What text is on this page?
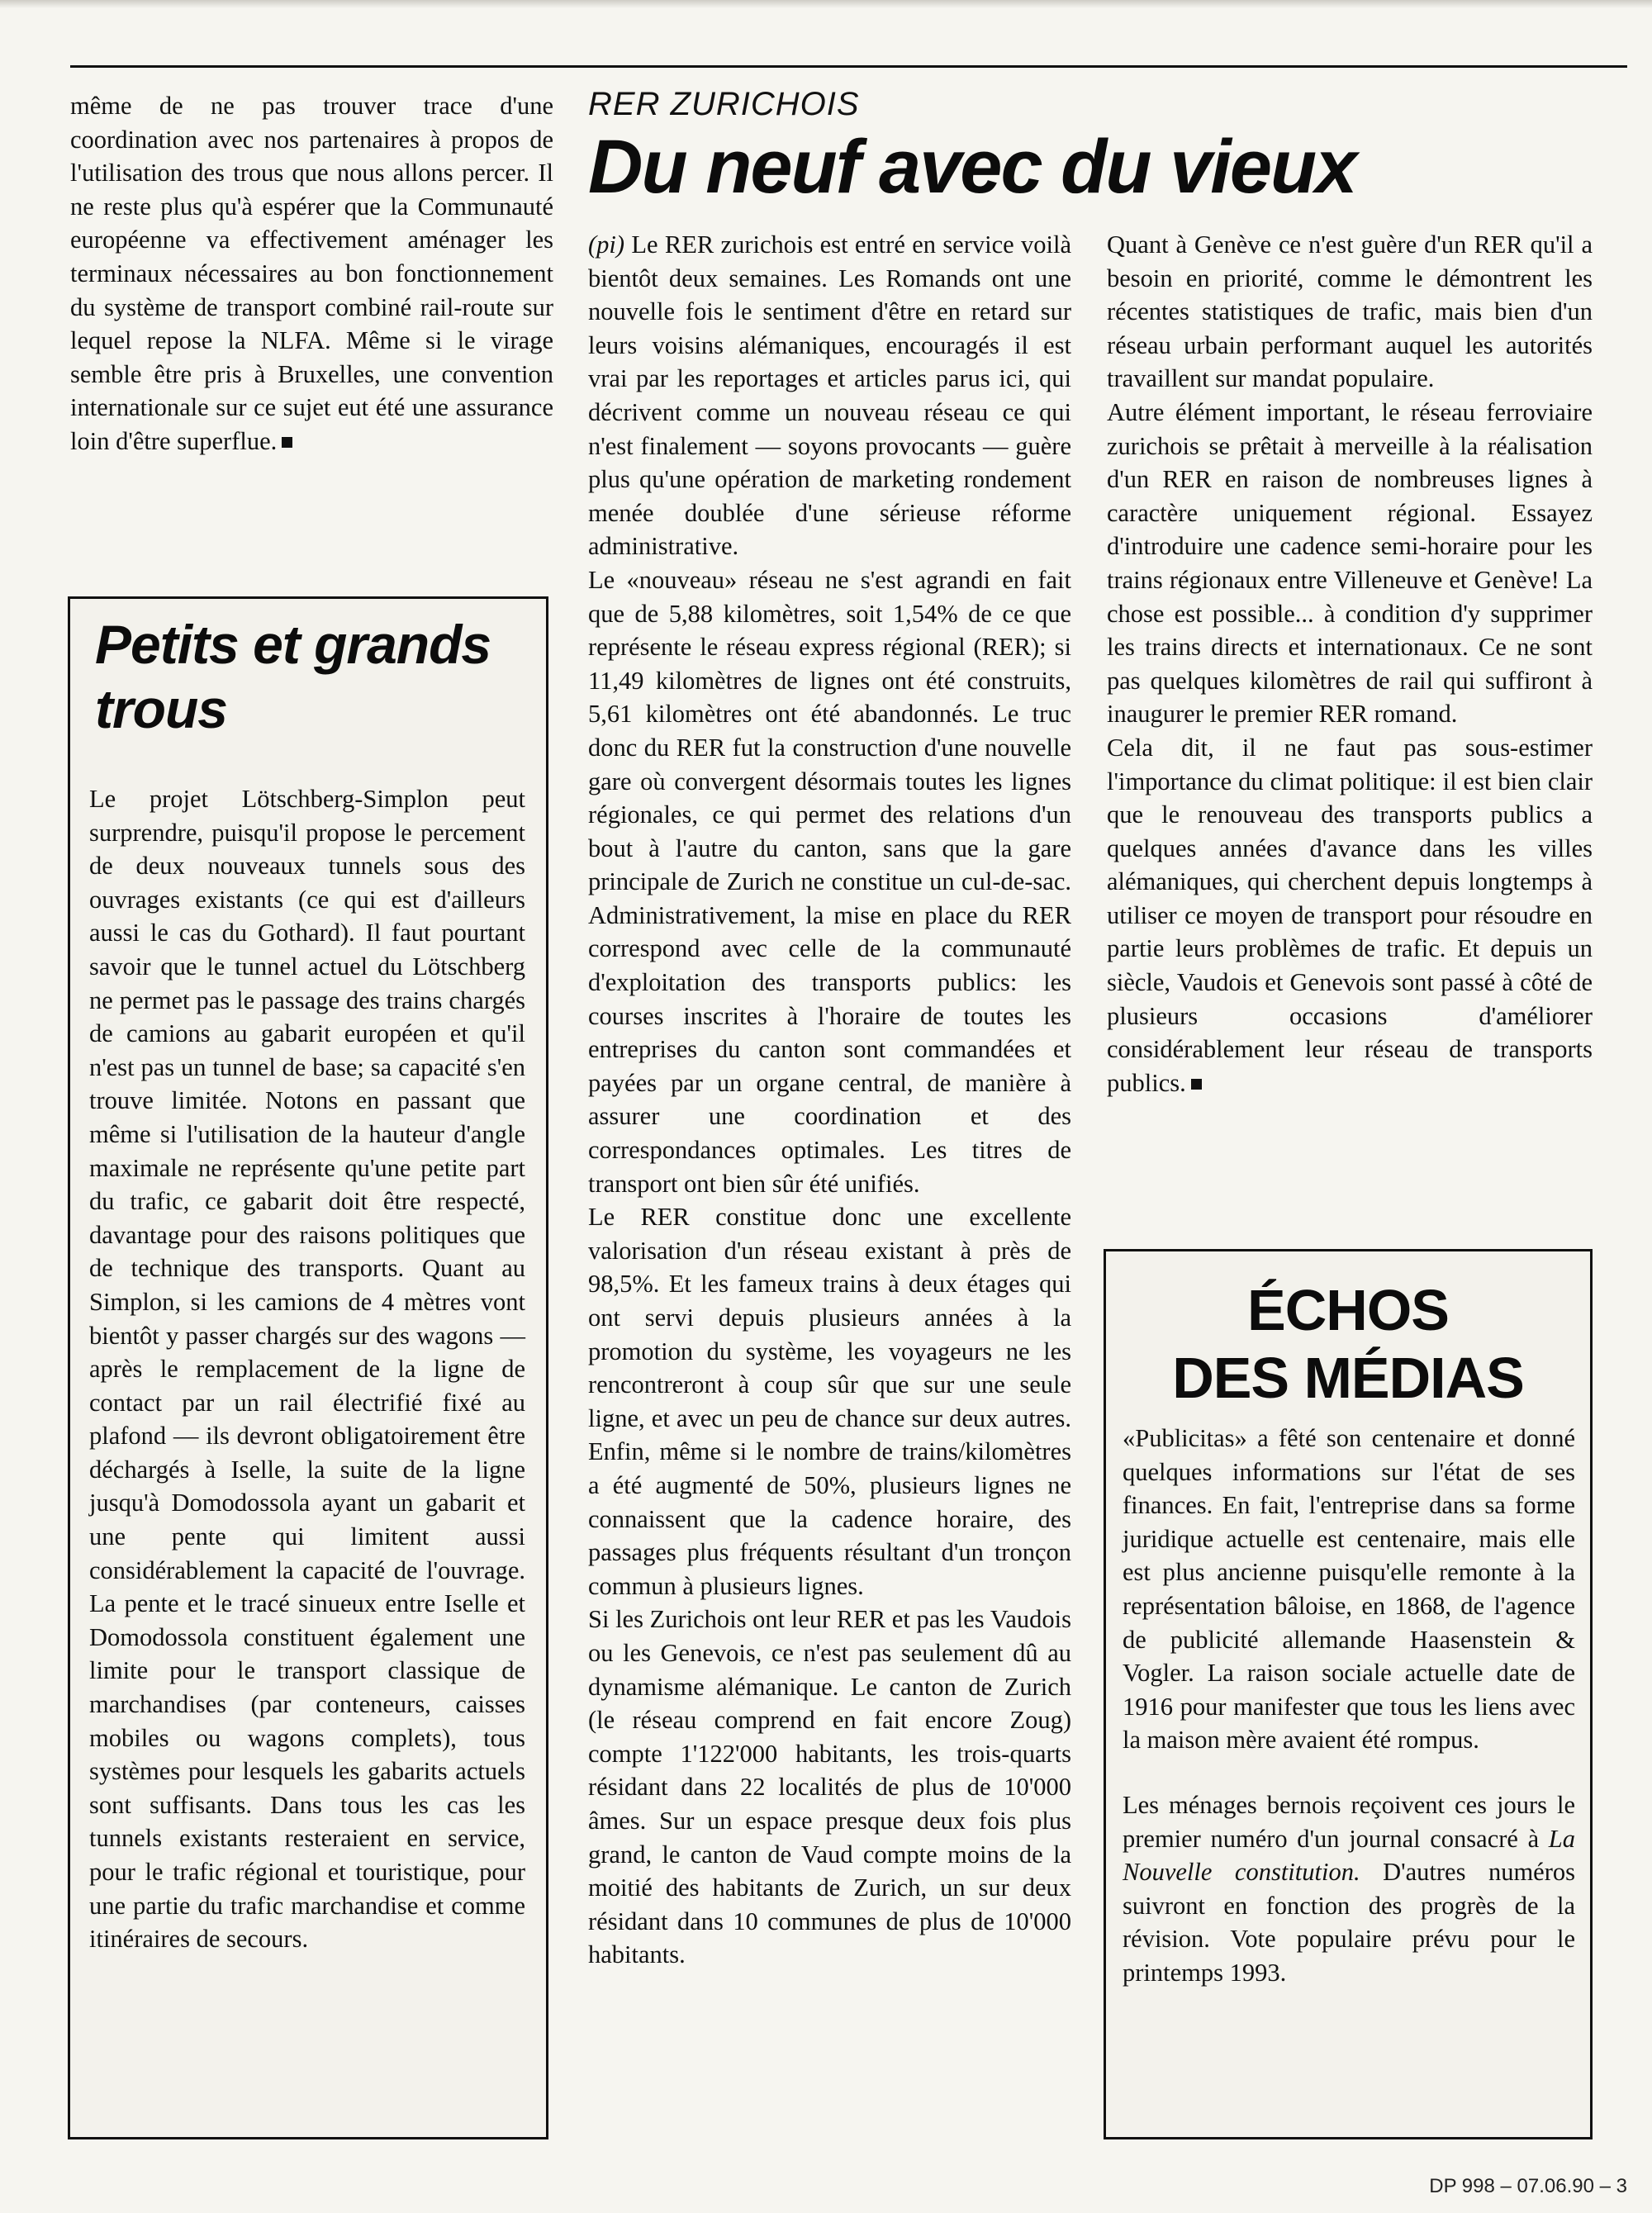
même de ne pas trouver trace d'une coordination avec nos partenaires à propos de l'utilisation des trous que nous allons percer. Il ne reste plus qu'à espérer que la Communauté européenne va effectivement aménager les terminaux nécessaires au bon fonctionnement du système de transport combiné rail-route sur lequel repose la NLFA. Même si le virage semble être pris à Bruxelles, une convention internationale sur ce sujet eut été une assurance loin d'être superflue.

Petits et grands trous

Le projet Lötschberg-Simplon peut surprendre, puisqu'il propose le percement de deux nouveaux tunnels sous des ouvrages existants (ce qui est d'ailleurs aussi le cas du Gothard). Il faut pourtant savoir que le tunnel actuel du Lötschberg ne permet pas le passage des trains chargés de camions au gabarit européen et qu'il n'est pas un tunnel de base; sa capacité s'en trouve limitée. Notons en passant que même si l'utilisation de la hauteur d'angle maximale ne représente qu'une petite part du trafic, ce gabarit doit être respecté, davantage pour des raisons politiques que de technique des transports. Quant au Simplon, si les camions de 4 mètres vont bientôt y passer chargés sur des wagons — après le remplacement de la ligne de contact par un rail électrifié fixé au plafond — ils devront obligatoirement être déchargés à Iselle, la suite de la ligne jusqu'à Domodossola ayant un gabarit et une pente qui limitent aussi considérablement la capacité de l'ouvrage. La pente et le tracé sinueux entre Iselle et Domodossola constituent également une limite pour le transport classique de marchandises (par conteneurs, caisses mobiles ou wagons complets), tous systèmes pour lesquels les gabarits actuels sont suffisants. Dans tous les cas les tunnels existants resteraient en service, pour le trafic régional et touristique, pour une partie du trafic marchandise et comme itinéraires de secours.

RER ZURICHOIS
Du neuf avec du vieux

(pi) Le RER zurichois est entré en service voilà bientôt deux semaines. Les Romands ont une nouvelle fois le sentiment d'être en retard sur leurs voisins alémaniques, encouragés il est vrai par les reportages et articles parus ici, qui décrivent comme un nouveau réseau ce qui n'est finalement — soyons provocants — guère plus qu'une opération de marketing rondement menée doublée d'une sérieuse réforme administrative.

Le «nouveau» réseau ne s'est agrandi en fait que de 5,88 kilomètres, soit 1,54% de ce que représente le réseau express régional (RER); si 11,49 kilomètres de lignes ont été construits, 5,61 kilomètres ont été abandonnés. Le truc donc du RER fut la construction d'une nouvelle gare où convergent désormais toutes les lignes régionales, ce qui permet des relations d'un bout à l'autre du canton, sans que la gare principale de Zurich ne constitue un cul-de-sac. Administrativement, la mise en place du RER correspond avec celle de la communauté d'exploitation des transports publics: les courses inscrites à l'horaire de toutes les entreprises du canton sont commandées et payées par un organe central, de manière à assurer une coordination et des correspondances optimales. Les titres de transport ont bien sûr été unifiés.

Le RER constitue donc une excellente valorisation d'un réseau existant à près de 98,5%. Et les fameux trains à deux étages qui ont servi depuis plusieurs années à la promotion du système, les voyageurs ne les rencontreront à coup sûr que sur une seule ligne, et avec un peu de chance sur deux autres. Enfin, même si le nombre de trains/kilomètres a été augmenté de 50%, plusieurs lignes ne connaissent que la cadence horaire, des passages plus fréquents résultant d'un tronçon commun à plusieurs lignes.

Si les Zurichois ont leur RER et pas les Vaudois ou les Genevois, ce n'est pas seulement dû au dynamisme alémanique. Le canton de Zurich (le réseau comprend en fait encore Zoug) compte 1'122'000 habitants, les trois-quarts résidant dans 22 localités de plus de 10'000 âmes. Sur un espace presque deux fois plus grand, le canton de Vaud compte moins de la moitié des habitants de Zurich, un sur deux résidant dans 10 communes de plus de 10'000 habitants.

Quant à Genève ce n'est guère d'un RER qu'il a besoin en priorité, comme le démontrent les récentes statistiques de trafic, mais bien d'un réseau urbain performant auquel les autorités travaillent sur mandat populaire.

Autre élément important, le réseau ferroviaire zurichois se prêtait à merveille à la réalisation d'un RER en raison de nombreuses lignes à caractère uniquement régional. Essayez d'introduire une cadence semi-horaire pour les trains régionaux entre Villeneuve et Genève! La chose est possible... à condition d'y supprimer les trains directs et internationaux. Ce ne sont pas quelques kilomètres de rail qui suffiront à inaugurer le premier RER romand.

Cela dit, il ne faut pas sous-estimer l'importance du climat politique: il est bien clair que le renouveau des transports publics a quelques années d'avance dans les villes alémaniques, qui cherchent depuis longtemps à utiliser ce moyen de transport pour résoudre en partie leurs problèmes de trafic. Et depuis un siècle, Vaudois et Genevois sont passé à côté de plusieurs occasions d'améliorer considérablement leur réseau de transports publics.

ÉCHOS
DES MÉDIAS

«Publicitas» a fêté son centenaire et donné quelques informations sur l'état de ses finances. En fait, l'entreprise dans sa forme juridique actuelle est centenaire, mais elle est plus ancienne puisqu'elle remonte à la représentation bâloise, en 1868, de l'agence de publicité allemande Haasenstein & Vogler. La raison sociale actuelle date de 1916 pour manifester que tous les liens avec la maison mère avaient été rompus.

Les ménages bernois reçoivent ces jours le premier numéro d'un journal consacré à La Nouvelle constitution. D'autres numéros suivront en fonction des progrès de la révision. Vote populaire prévu pour le printemps 1993.

DP 998 – 07.06.90 – 3
